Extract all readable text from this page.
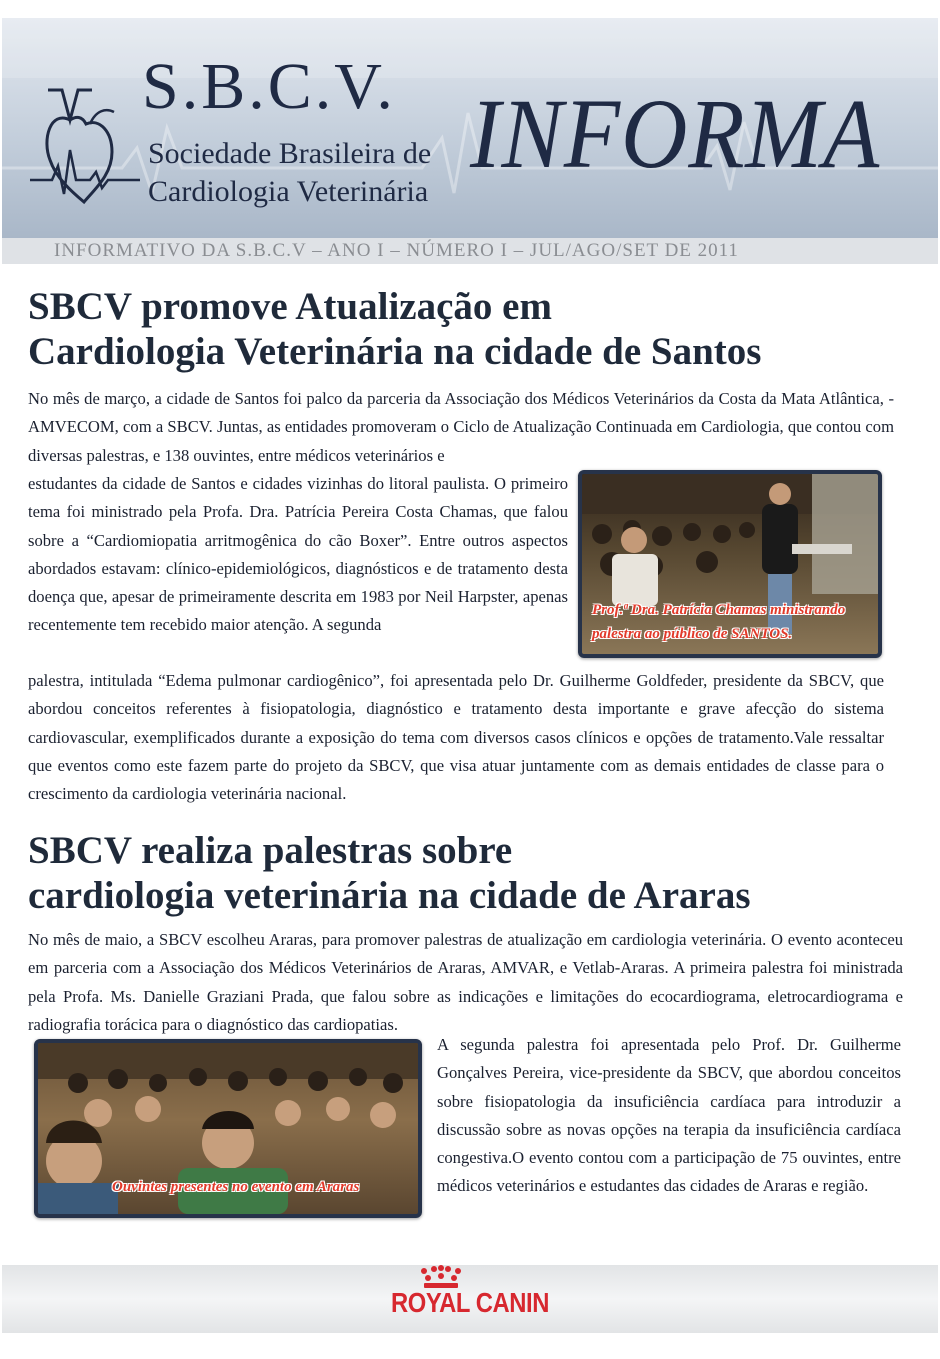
S.B.C.V.
Sociedade Brasileira de
Cardiologia Veterinária
INFORMA
INFORMATIVO DA S.B.C.V – ANO I – NÚMERO I – JUL/AGO/SET DE 2011
SBCV promove Atualização em
Cardiologia Veterinária na cidade de Santos

No mês de março, a cidade de Santos foi palco da parceria da Associação dos Médicos Veterinários da Costa da Mata Atlântica, - AMVECOM, com a SBCV. Juntas, as entidades promoveram o Ciclo de Atualização Continuada em Cardiologia, que contou com diversas palestras, e 138 ouvintes, entre médicos veterinários e

estudantes da cidade de Santos e cidades vizinhas do litoral paulista. O primeiro tema foi ministrado pela Profa. Dra. Patrícia Pereira Costa Chamas, que falou sobre a “Cardiomiopatia arritmogênica do cão Boxer”. Entre outros aspectos abordados estavam: clínico-epidemiológicos, diagnósticos e de tratamento desta doença que, apesar de primeiramente descrita em 1983 por Neil Harpster, apenas recentemente tem recebido maior atenção. A segunda

palestra, intitulada “Edema pulmonar cardiogênico”, foi apresentada pelo Dr. Guilherme Goldfeder, presidente da SBCV, que abordou conceitos referentes à fisiopatologia, diagnóstico e tratamento desta importante e grave afecção do sistema cardiovascular, exemplificados durante a exposição do tema com diversos casos clínicos e opções de tratamento.Vale ressaltar que eventos como este fazem parte do projeto da SBCV, que visa atuar juntamente com as demais entidades de classe para o crescimento da cardiologia veterinária nacional.

Prof.ª Dra. Patrícia Chamas ministrando
palestra ao público de SANTOS.
SBCV realiza palestras sobre
cardiologia veterinária na cidade de Araras

No mês de maio, a SBCV escolheu Araras, para promover palestras de atualização em cardiologia veterinária. O evento aconteceu em parceria com a Associação dos Médicos Veterinários de Araras, AMVAR, e Vetlab-Araras. A primeira palestra foi ministrada pela Profa. Ms. Danielle Graziani Prada, que falou sobre as indicações e limitações do ecocardiograma, eletrocardiograma e radiografia torácica para o diagnóstico das cardiopatias.

A segunda palestra foi apresentada pelo Prof. Dr. Guilherme Gonçalves Pereira, vice-presidente da SBCV, que abordou conceitos sobre fisiopatologia da insuficiência cardíaca para introduzir a discussão sobre as novas opções na terapia da insuficiência cardíaca congestiva.O evento contou com a participação de 75 ouvintes, entre médicos veterinários e estudantes das cidades de Araras e região.

Ouvintes presentes no evento em Araras
ROYAL CANIN
